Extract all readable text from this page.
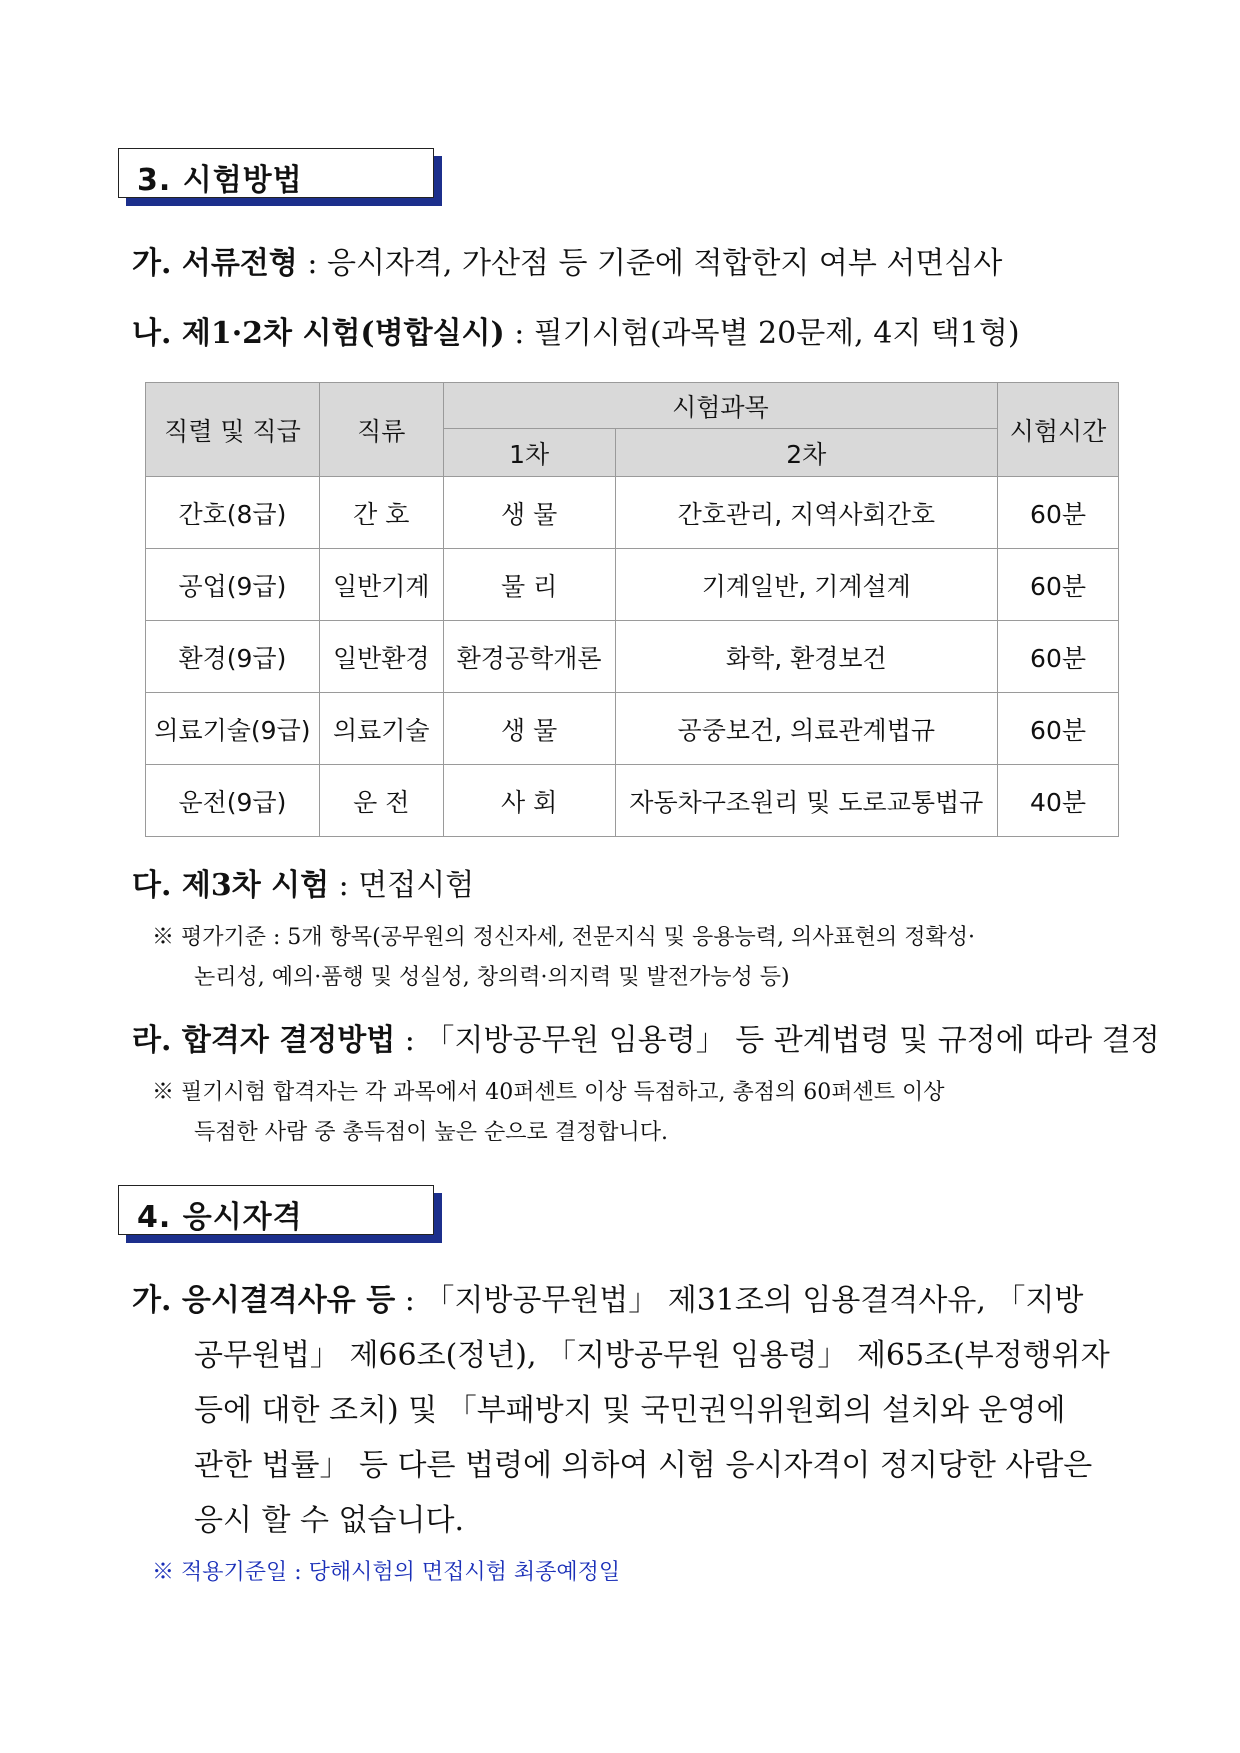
3. 시험방법
가. 서류전형 : 응시자격, 가산점 등 기준에 적합한지 여부 서면심사
나. 제1·2차 시험(병합실시) : 필기시험(과목별 20문제, 4지 택1형)
직렬 및 직급	직류	시험과목		시험시간
		1차	2차	
간호(8급)	간 호	생 물	간호관리, 지역사회간호	60분
공업(9급)	일반기계	물 리	기계일반, 기계설계	60분
환경(9급)	일반환경	환경공학개론	화학, 환경보건	60분
의료기술(9급)	의료기술	생 물	공중보건, 의료관계법규	60분
운전(9급)	운 전	사 회	자동차구조원리 및 도로교통법규	40분
다. 제3차 시험 : 면접시험
※ 평가기준 : 5개 항목(공무원의 정신자세, 전문지식 및 응용능력, 의사표현의 정확성·
논리성, 예의·품행 및 성실성, 창의력·의지력 및 발전가능성 등)
라. 합격자 결정방법 : 「지방공무원 임용령」 등 관계법령 및 규정에 따라 결정
※ 필기시험 합격자는 각 과목에서 40퍼센트 이상 득점하고, 총점의 60퍼센트 이상
득점한 사람 중 총득점이 높은 순으로 결정합니다.
4. 응시자격
가. 응시결격사유 등 : 「지방공무원법」 제31조의 임용결격사유, 「지방
공무원법」 제66조(정년), 「지방공무원 임용령」 제65조(부정행위자
등에 대한 조치) 및 「부패방지 및 국민권익위원회의 설치와 운영에
관한 법률」 등 다른 법령에 의하여 시험 응시자격이 정지당한 사람은
응시 할 수 없습니다.
※ 적용기준일 : 당해시험의 면접시험 최종예정일
